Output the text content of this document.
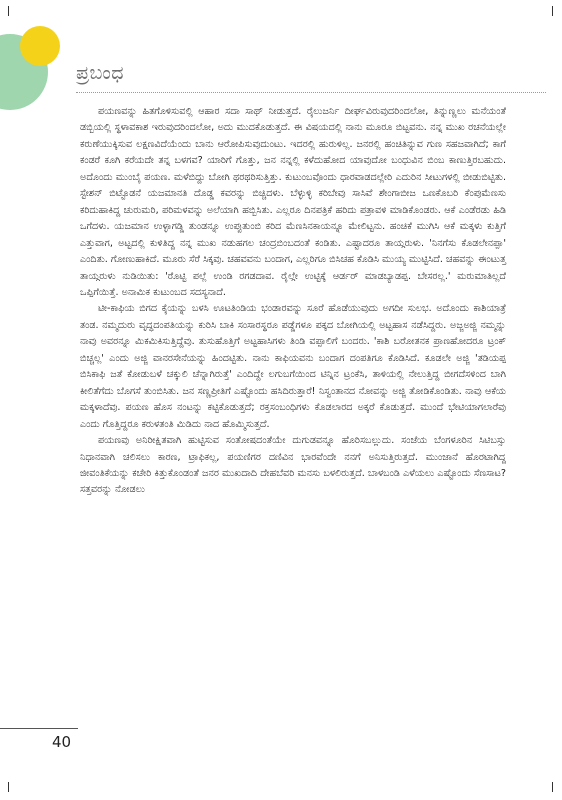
ಪ್ರಬಂಧ

ಪಯಣವನ್ನು ಹಿತಗೊಳಿಸುವಲ್ಲಿ ಆಹಾರ ಸದಾ ಸಾಥ್ ನೀಡುತ್ತದೆ. ರೈಲುಜರ್ನಿ ದೀರ್ಘವಿರುವುದರಿಂದಲೋ, ತಿನ್ನುಣ್ಣಲು ಮನೆಯಂತೆ ಡಬ್ಬಿಯಲ್ಲಿ ಸ್ಥಳಾವಕಾಶ ಇರುವುದರಿಂದಲೋ, ಅದು ಮುದಕೊಡುತ್ತದೆ. ಈ ವಿಷಯದಲ್ಲಿ ನಾನು ಮೂರೂ ಬಿಟ್ಟವನು. ನನ್ನ ಮುಖ ರಚನೆಯಲ್ಲೇ ಕರುಣೆಯುಕ್ಕಿಸುವ ಲಕ್ಷಣವಿದೆಯೆಂದು ಬಾನು ಆರೋಪಿಸುವುದುಂಟು. ಇದರಲ್ಲಿ ಹುರುಳಿಲ್ಲ. ಜನರಲ್ಲಿ ಹಂಚಿತಿನ್ನುವ ಗುಣ ಸಹಜವಾಗಿದೆ; ಕಾಗೆ ಕಂಡರೆ ಕೂಗಿ ಕರೆಯದೇ ತನ್ನ ಬಳಗವ? ಯಾರಿಗೆ ಗೊತ್ತು, ಜನ ನನ್ನಲ್ಲಿ ಕಳೆದುಹೋದ ಯಾವುದೋ ಬಂಧುವಿನ ಬಿಂಬ ಕಾಣುತ್ತಿರಬಹುದು. ಅದೊಂದು ಮುಂಬೈ ಪಯಣ. ಮಳೆಬಿದ್ದು ಬೋಗಿ ಥರಥರಿಸುತ್ತಿತ್ತು. ಕುಟುಂಬವೊಂದು ಧಾರವಾಡದಲ್ಲೇರಿ ಎದುರಿನ ಸೀಟುಗಳಲ್ಲಿ ಬೀಡುಬಿಟ್ಟಿತು. ಸ್ಟೇಶನ್ ಬಿಟ್ಟೊಡನೆ ಯಜಮಾನತಿ ದೊಡ್ಡ ಕವರನ್ನು ಬಿಚ್ಚಿದಳು. ಬೆಳ್ಳುಳ್ಳಿ ಕರಿಬೇವು ಸಾಸಿವೆ ಶೇಂಗಾಬೀಜ ಒಣಕೊಬರಿ ಕೆಂಪುಮೆಣಸು ಕರಿದುಹಾಕಿದ್ದ ಚುರುಮರಿ, ಪರಿಮಳವನ್ನು ಅಲೆಯಾಗಿ ಹಬ್ಬಿಸಿತು. ಎಲ್ಲರೂ ದಿನಪತ್ರಿಕೆ ಹರಿದು ಪತ್ರಾವಳಿ ಮಾಡಿಕೊಂಡರು. ಆಕೆ ಎಂಡೆರಡು ಹಿಡಿ ಒಗೆದಳು. ಯಜಮಾನ ಉಳ್ಳಾಗಡ್ಡಿ ತುಂಡನ್ನೂ ಉಪ್ಪುತುಂಬಿ ಕರಿದ ಮೆಣಸಿನಕಾಯನ್ನೂ ಮೇಲಿಟ್ಟನು. ಹಂಚಿಕೆ ಮುಗಿಸಿ ಆಕೆ ಮಕ್ಕಳು ಕುತ್ತಿಗೆ ಎತ್ತುವಾಗ, ಅಟ್ಟದಲ್ಲಿ ಕುಳಿತಿದ್ದ ನನ್ನ ಮುಖ ನಡುಹಗಲ ಚಂದ್ರಬಿಂಬದಂತೆ ಕಂಡಿತು. ಎಷ್ಟಾದರೂ ತಾಯ್ಗರುಳು. 'ನಿನಗೆಸು ಕೊಡಲೇನಪ್ಪಾ' ಎಂದಿತು. ಗೋಣುಹಾಕಿದೆ. ಮೂರು ಸೆರೆ ಸಿಕ್ಕವು. ಚಹವವನು ಬಂದಾಗ, ಎಲ್ಲರಿಗೂ ಬಿಸಿಚಹ ಕೊಡಿಸಿ ಮುಯ್ಯ ಮುಟ್ಟಿಸಿದೆ. ಚಹವನ್ನು ಈಂಟುತ್ತ ತಾಯ್ಗರುಳು ನುಡಿಯಿತು: 'ರೊಟ್ಟಿ ಪಲ್ಲೆ ಉಂಡಿ ರಗಡದಾವ. ರೈಲ್ಗೇ ಉಟ್ಟಿಕ್ಕೆ ಆರ್ಡರ್ ಮಾಡಬ್ಯಾಡಪ್ಪ. ಬೇಸರಲ್ಲ.' ಮರುಮಾತಿಲ್ಲದೆ ಒಪ್ಪಿಗೆಯಿತ್ತೆ. ಅನಾಮಿಕ ಕುಟುಂಬದ ಸದಸ್ಯನಾದೆ.

ಟೀ-ಕಾಫಿಯ ಬಿಗದ ಕೈಯನ್ನು ಬಳಸಿ ಊಟತಿಂಡಿಯ ಭಂಡಾರವನ್ನು ಸೂರೆ ಹೊಡೆಯುವುದು ಅಗದೀ ಸುಲಭ. ಅದೊಂದು ಕಾಶಿಯಾತ್ರೆ ತಂಡ. ನಮ್ಮದುರು ವೃದ್ಧದಂಪತಿಯನ್ನು ಕುರಿಸಿ ಬಾಕಿ ಸಂಸಾರಸ್ಥರೂ ಪಡ್ಡೆಗಳೂ ಪಕ್ಕದ ಬೋಗಿಯಲ್ಲಿ ಅಟ್ಟಹಾಸ ನಡೆಸಿದ್ದರು. ಅಜ್ಜಅಜ್ಜಿ ನಮ್ಮನ್ನು ನಾವು ಅವರನ್ನೂ ಮಿಕಮಿಕಿಸುತ್ತಿದ್ದೆವು. ತುಸುಹೊತ್ತಿಗೆ ಅಟ್ಟಹಾಸಿಗಳು ತಿಂಡಿ ವಪ್ಪಾಲಿಗೆ ಬಂದರು. 'ಕಾಶಿ ಬರೋತನಕ ಪ್ರಾಣಹೋದರೂ ಟ್ರಂಕ್ ಬಿಚ್ಚಲ್ಲ' ಎಂದು ಅಜ್ಜಿ ವಾನರಸೇನೆಯನ್ನು ಹಿಂದಟ್ಟಿತು. ನಾನು ಕಾಫಿಯವನು ಬಂದಾಗ ದಂಪತಿಗೂ ಕೊಡಿಸಿದೆ. ಕೂಡಲೇ ಅಜ್ಜಿ 'ತಡಿಯಪ್ಪ ಬಿಸಿಕಾಫಿ ಜತೆ ಕೋಡುಬಳೆ ಚಕ್ಕುಲಿ ಚೆನ್ನಾಗಿರುತ್ತೆ' ಎಂದಿದ್ದೇ ಲಗುಬಗೆಯಿಂದ ಟಿನ್ನಿನ ಟ್ರಂಕೆಸಿ, ತಾಳಿಯಲ್ಲಿ ನೇಲುತ್ತಿದ್ದ ಬೀಗದೆಸಳಿಂದ ಬಾಗಿ ಕೀಲಿತೆಗೆದು ಬೊಗಸೆ ತುಂಬಿಸಿತು. ಜನ ಸಣ್ಣಪ್ರೀತಿಗೆ ಎಷ್ಟೊಂದು ಹಸಿದಿರುತ್ತಾರೆ! ನಿಸ್ವಂತಾನದ ನೋವನ್ನು ಅಜ್ಜಿ ತೋಡಿಕೊಂಡಿತು. ನಾವು ಆಕೆಯ ಮಕ್ಕಳಾದೆವು. ಪಯಣ ಹೊಸ ನಂಟನ್ನು ಕಟ್ಟಿಕೊಡುತ್ತದೆ; ರಕ್ತಸಂಬಂಧಿಗಳು ಕೊಡಲಾರದ ಅಕ್ಕರೆ ಕೊಡುತ್ತದೆ. ಮುಂದೆ ಭೇಟಿಯಾಗಲಾರೆವು ಎಂದು ಗೊತ್ತಿದ್ದರೂ ಕರುಳತಂತಿ ಮಿಡಿದು ನಾದ ಹೊಮ್ಮಿಸುತ್ತದೆ.

ಪಯಣವು ಅನಿರೀಕ್ಷಿತವಾಗಿ ಹುಟ್ಟಿಸುವ ಸಂತೋಷದಂತೆಯೇ ದುಗುಡವನ್ನೂ ಹೊರಿಸಬಲ್ಲುದು. ಸಂಜೆಯ ಬೆಂಗಳೂರಿನ ಸಿಟಿಬಸ್ಸು ನಿಧಾನವಾಗಿ ಚಲಿಸಲು ಕಾರಣ, ಟ್ರಾಫಿಕಲ್ಲ, ಪಯಣಿಗರ ದಣಿವಿನ ಭಾರವೆಂದೇ ನನಗೆ ಅನಿಸುತ್ತಿರುತ್ತದೆ. ಮುಂಜಾನೆ ಹೊರಟಾಗಿದ್ದ ಜೀವಂತಿಕೆಯನ್ನು ಕಚೇರಿ ಕಿತ್ತುಕೊಂಡಂತೆ ಜನರ ಮುಖದಾದಿ ದೇಹಬೆವರಿ ಮನಸು ಬಳಲಿರುತ್ತದೆ. ಬಾಳಬಂಡಿ ಎಳೆಯಲು ಎಷ್ಟೊಂದು ಸೆಣಸಾಟ? ಸತ್ತವರನ್ನು ನೋಡಲು

40
